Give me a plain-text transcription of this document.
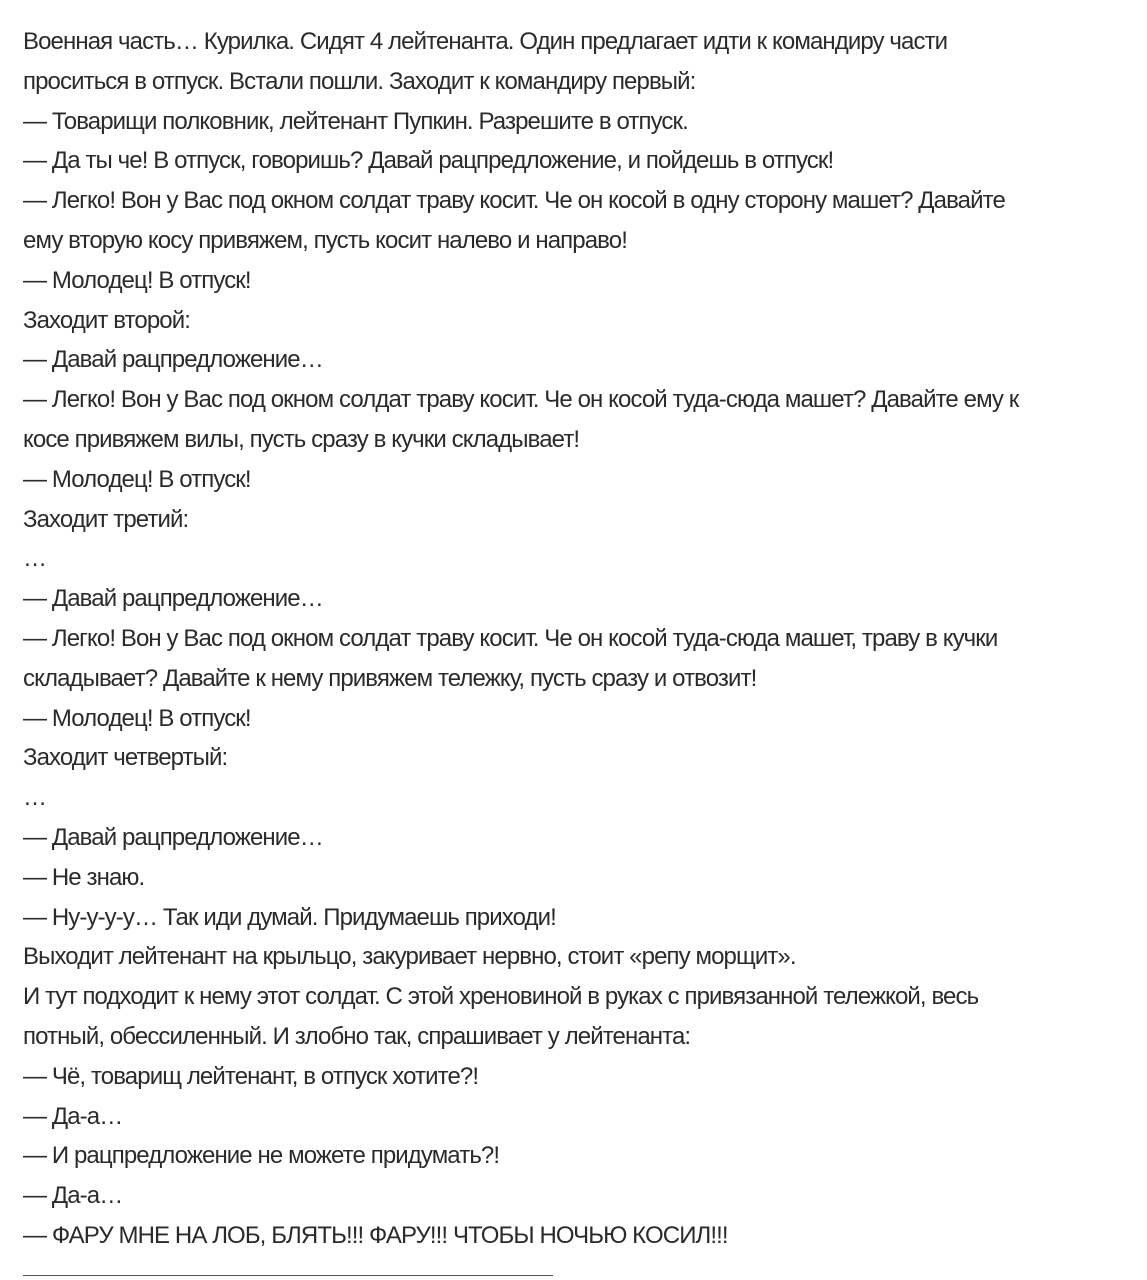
Военная часть… Курилка. Сидят 4 лейтенанта. Один предлагает идти к командиру части
проситься в отпуск. Встали пошли. Заходит к командиру первый:
— Товарищи полковник, лейтенант Пупкин. Разрешите в отпуск.
— Да ты че! В отпуск, говоришь? Давай рацпредложение, и пойдешь в отпуск!
— Легко! Вон у Вас под окном солдат траву косит. Че он косой в одну сторону машет? Давайте
ему вторую косу привяжем, пусть косит налево и направо!
— Молодец! В отпуск!
Заходит второй:
— Давай рацпредложение…
— Легко! Вон у Вас под окном солдат траву косит. Че он косой туда-сюда машет? Давайте ему к
косе привяжем вилы, пусть сразу в кучки складывает!
— Молодец! В отпуск!
Заходит третий:
…
— Давай рацпредложение…
— Легко! Вон у Вас под окном солдат траву косит. Че он косой туда-сюда машет, траву в кучки
складывает? Давайте к нему привяжем тележку, пусть сразу и отвозит!
— Молодец! В отпуск!
Заходит четвертый:
…
— Давай рацпредложение…
— Не знаю.
— Ну-у-у-у… Так иди думай. Придумаешь приходи!
Выходит лейтенант на крыльцо, закуривает нервно, стоит «репу морщит».
И тут подходит к нему этот солдат. С этой хреновиной в руках с привязанной тележкой, весь
потный, обессиленный. И злобно так, спрашивает у лейтенанта:
— Чё, товарищ лейтенант, в отпуск хотите?!
— Да-а…
— И рацпредложение не можете придумать?!
— Да-а…
— ФАРУ МНЕ НА ЛОБ, БЛЯТЬ!!! ФАРУ!!! ЧТОБЫ НОЧЬЮ КОСИЛ!!!
